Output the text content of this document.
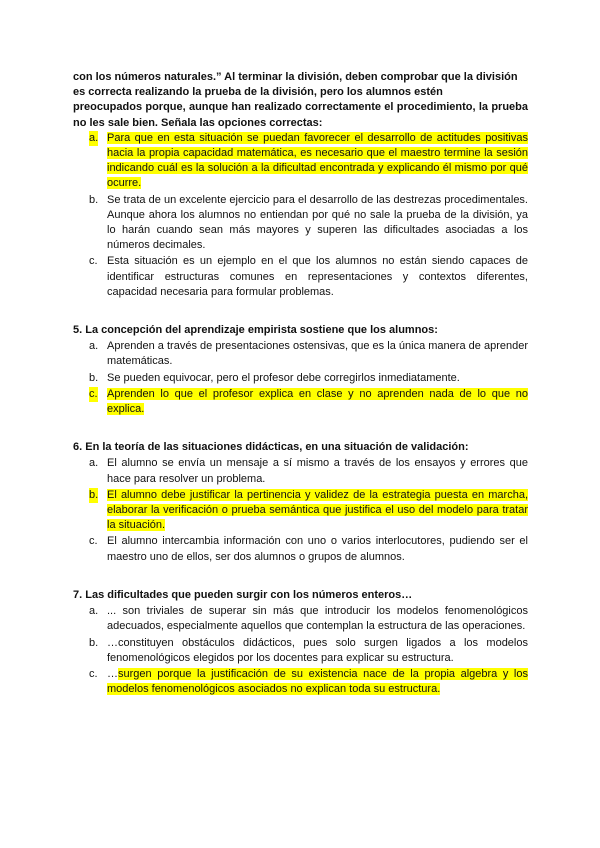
con los números naturales.” Al terminar la división, deben comprobar que la división

es correcta realizando la prueba de la división, pero los alumnos estén

preocupados porque, aunque han realizado correctamente el procedimiento, la prueba no les sale bien. Señala las opciones correctas:

a. Para que en esta situación se puedan favorecer el desarrollo de actitudes positivas hacia la propia capacidad matemática, es necesario que el maestro termine la sesión indicando cuál es la solución a la dificultad encontrada y explicando él mismo por qué ocurre.
b. Se trata de un excelente ejercicio para el desarrollo de las destrezas procedimentales. Aunque ahora los alumnos no entiendan por qué no sale la prueba de la división, ya lo harán cuando sean más mayores y superen las dificultades asociadas a los números decimales.
c. Esta situación es un ejemplo en el que los alumnos no están siendo capaces de identificar estructuras comunes en representaciones y contextos diferentes, capacidad necesaria para formular problemas.

5. La concepción del aprendizaje empirista sostiene que los alumnos:

a. Aprenden a través de presentaciones ostensivas, que es la única manera de aprender matemáticas.
b. Se pueden equivocar, pero el profesor debe corregirlos inmediatamente.
c. Aprenden lo que el profesor explica en clase y no aprenden nada de lo que no explica.

6. En la teoría de las situaciones didácticas, en una situación de validación:

a. El alumno se envía un mensaje a sí mismo a través de los ensayos y errores que hace para resolver un problema.
b. El alumno debe justificar la pertinencia y validez de la estrategia puesta en marcha, elaborar la verificación o prueba semántica que justifica el uso del modelo para tratar la situación.
c. El alumno intercambia información con uno o varios interlocutores, pudiendo ser el maestro uno de ellos, ser dos alumnos o grupos de alumnos.

7. Las dificultades que pueden surgir con los números enteros…

a. ... son triviales de superar sin más que introducir los modelos fenomenológicos adecuados, especialmente aquellos que contemplan la estructura de las operaciones.
b. …constituyen obstáculos didácticos, pues solo surgen ligados a los modelos fenomenológicos elegidos por los docentes para explicar su estructura.
c. …surgen porque la justificación de su existencia nace de la propia algebra y los modelos fenomenológicos asociados no explican toda su estructura.
